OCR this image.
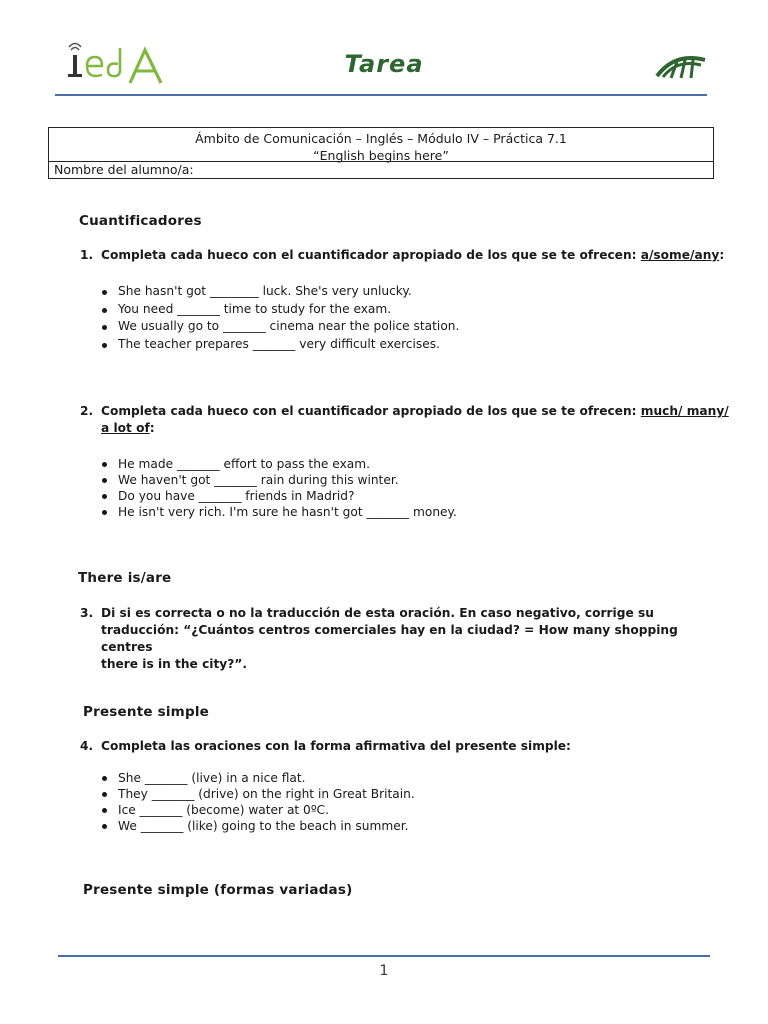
Tarea
Ámbito de Comunicación – Inglés – Módulo IV – Práctica 7.1
“English begins here”
Nombre del alumno/a:
Cuantificadores
1. Completa cada hueco con el cuantificador apropiado de los que se te ofrecen: a/some/any:
She hasn't got ________ luck. She's very unlucky.
You need _______ time to study for the exam.
We usually go to _______ cinema near the police station.
The teacher prepares _______ very difficult exercises.
2. Completa cada hueco con el cuantificador apropiado de los que se te ofrecen: much/ many/
a lot of:
He made _______ effort to pass the exam.
We haven't got _______ rain during this winter.
Do you have _______ friends in Madrid?
He isn't very rich. I'm sure he hasn't got _______ money.
There is/are
3. Di si es correcta o no la traducción de esta oración. En caso negativo, corrige su
traducción: “¿Cuántos centros comerciales hay en la ciudad? = How many shopping centres
there is in the city?”.
Presente simple
4. Completa las oraciones con la forma afirmativa del presente simple:
She _______ (live) in a nice flat.
They _______ (drive) on the right in Great Britain.
Ice _______ (become) water at 0ºC.
We _______ (like) going to the beach in summer.
Presente simple (formas variadas)
1
